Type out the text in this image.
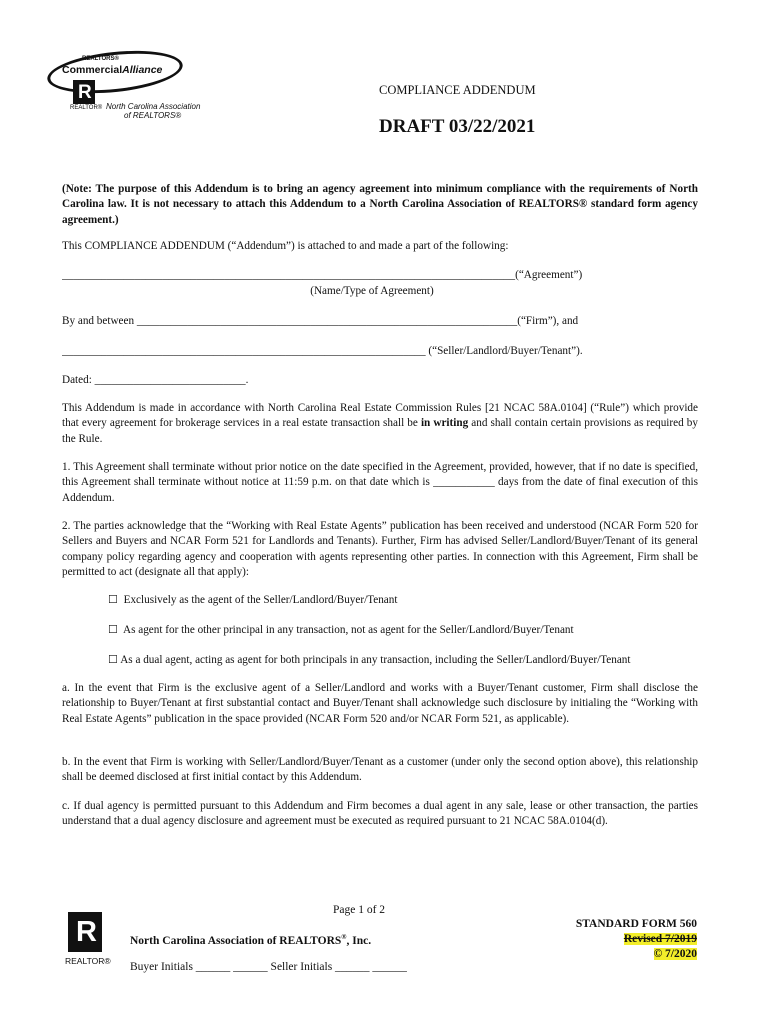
REALTORS®
CommercialAlliance
R
REALTOR® North Carolina Association
of REALTORS®
COMPLIANCE ADDENDUM
DRAFT 03/22/2021

(Note: The purpose of this Addendum is to bring an agency agreement into minimum compliance with the requirements of North Carolina law. It is not necessary to attach this Addendum to a North Carolina Association of REALTORS® standard form agency agreement.)

This COMPLIANCE ADDENDUM (“Addendum”) is attached to and made a part of the following:

_________________________________________________________________________________(“Agreement”)
(Name/Type of Agreement)
By and between ____________________________________________________________________(“Firm”), and
_________________________________________________________________ (“Seller/Landlord/Buyer/Tenant”).
Dated: ___________________________.

This Addendum is made in accordance with North Carolina Real Estate Commission Rules [21 NCAC 58A.0104] (“Rule”) which provide that every agreement for brokerage services in a real estate transaction shall be in writing and shall contain certain provisions as required by the Rule.

1. This Agreement shall terminate without prior notice on the date specified in the Agreement, provided, however, that if no date is specified, this Agreement shall terminate without notice at 11:59 p.m. on that date which is ___________ days from the date of final execution of this Addendum.

2. The parties acknowledge that the “Working with Real Estate Agents” publication has been received and understood (NCAR Form 520 for Sellers and Buyers and NCAR Form 521 for Landlords and Tenants). Further, Firm has advised Seller/Landlord/Buyer/Tenant of its general company policy regarding agency and cooperation with agents representing other parties. In connection with this Agreement, Firm shall be permitted to act (designate all that apply):

☐ Exclusively as the agent of the Seller/Landlord/Buyer/Tenant
☐ As agent for the other principal in any transaction, not as agent for the Seller/Landlord/Buyer/Tenant
☐ As a dual agent, acting as agent for both principals in any transaction, including the Seller/Landlord/Buyer/Tenant

a. In the event that Firm is the exclusive agent of a Seller/Landlord and works with a Buyer/Tenant customer, Firm shall disclose the relationship to Buyer/Tenant at first substantial contact and Buyer/Tenant shall acknowledge such disclosure by initialing the “Working with Real Estate Agents” publication in the space provided (NCAR Form 520 and/or NCAR Form 521, as applicable).

b. In the event that Firm is working with Seller/Landlord/Buyer/Tenant as a customer (under only the second option above), this relationship shall be deemed disclosed at first initial contact by this Addendum.

c. If dual agency is permitted pursuant to this Addendum and Firm becomes a dual agent in any sale, lease or other transaction, the parties understand that a dual agency disclosure and agreement must be executed as required pursuant to 21 NCAC 58A.0104(d).

Page 1 of 2
R
REALTOR®
North Carolina Association of REALTORS®, Inc.
Buyer Initials ______ ______ Seller Initials ______ ______
STANDARD FORM 560
Revised 7/2019
© 7/2020
